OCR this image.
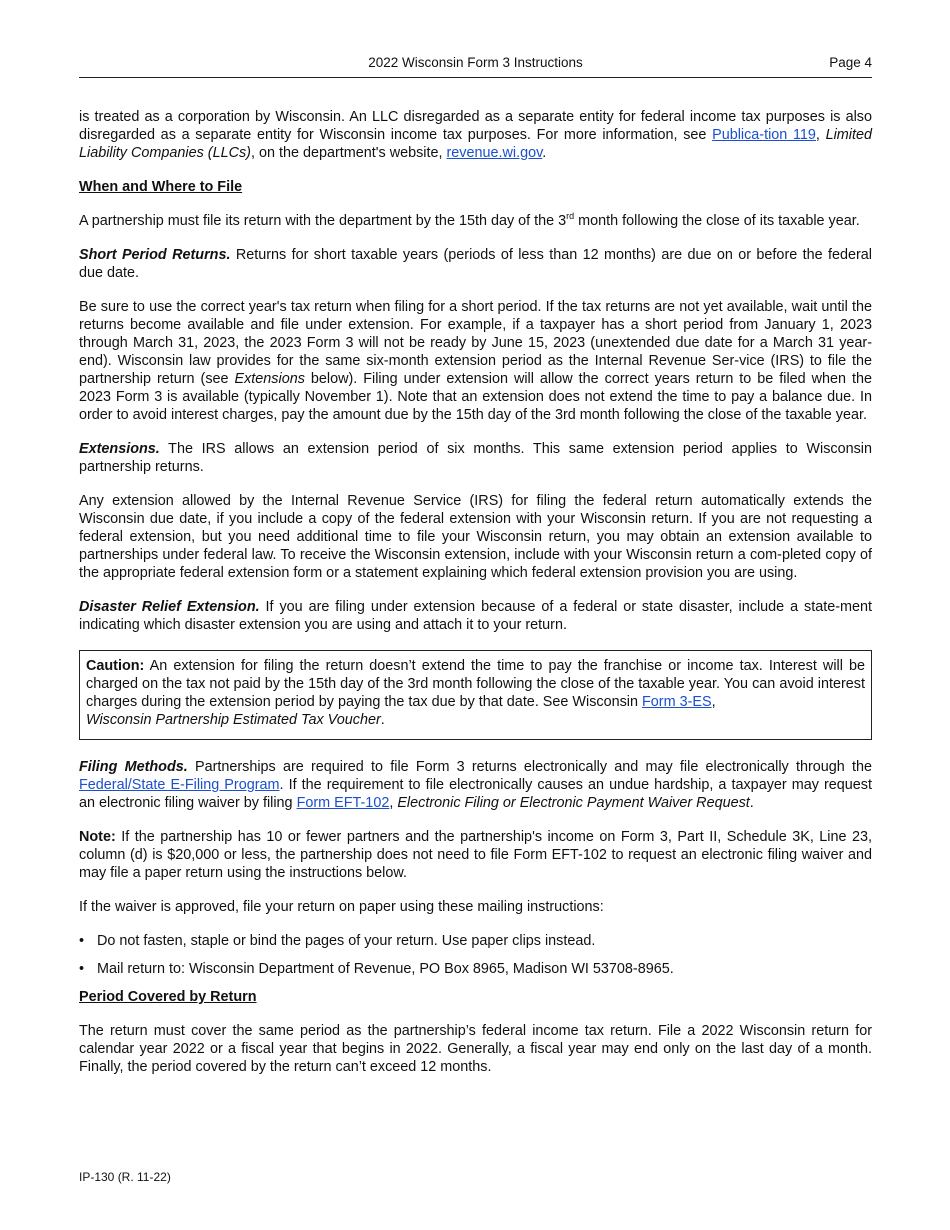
2022 Wisconsin Form 3 Instructions	Page 4

is treated as a corporation by Wisconsin. An LLC disregarded as a separate entity for federal income tax purposes is also disregarded as a separate entity for Wisconsin income tax purposes. For more information, see Publica-tion 119, Limited Liability Companies (LLCs), on the department's website, revenue.wi.gov.

When and Where to File

A partnership must file its return with the department by the 15th day of the 3rd month following the close of its taxable year.

Short Period Returns. Returns for short taxable years (periods of less than 12 months) are due on or before the federal due date.

Be sure to use the correct year's tax return when filing for a short period. If the tax returns are not yet available, wait until the returns become available and file under extension. For example, if a taxpayer has a short period from January 1, 2023 through March 31, 2023, the 2023 Form 3 will not be ready by June 15, 2023 (unextended due date for a March 31 year-end). Wisconsin law provides for the same six-month extension period as the Internal Revenue Ser-vice (IRS) to file the partnership return (see Extensions below). Filing under extension will allow the correct years return to be filed when the 2023 Form 3 is available (typically November 1). Note that an extension does not extend the time to pay a balance due. In order to avoid interest charges, pay the amount due by the 15th day of the 3rd month following the close of the taxable year.

Extensions. The IRS allows an extension period of six months. This same extension period applies to Wisconsin partnership returns.

Any extension allowed by the Internal Revenue Service (IRS) for filing the federal return automatically extends the Wisconsin due date, if you include a copy of the federal extension with your Wisconsin return. If you are not requesting a federal extension, but you need additional time to file your Wisconsin return, you may obtain an extension available to partnerships under federal law. To receive the Wisconsin extension, include with your Wisconsin return a com-pleted copy of the appropriate federal extension form or a statement explaining which federal extension provision you are using.

Disaster Relief Extension. If you are filing under extension because of a federal or state disaster, include a state-ment indicating which disaster extension you are using and attach it to your return.

Caution: An extension for filing the return doesn’t extend the time to pay the franchise or income tax. Interest will be charged on the tax not paid by the 15th day of the 3rd month following the close of the taxable year. You can avoid interest charges during the extension period by paying the tax due by that date. See Wisconsin Form 3-ES,
Wisconsin Partnership Estimated Tax Voucher.

Filing Methods. Partnerships are required to file Form 3 returns electronically and may file electronically through the Federal/State E-Filing Program. If the requirement to file electronically causes an undue hardship, a taxpayer may request an electronic filing waiver by filing Form EFT-102, Electronic Filing or Electronic Payment Waiver Request.

Note: If the partnership has 10 or fewer partners and the partnership's income on Form 3, Part II, Schedule 3K, Line 23, column (d) is $20,000 or less, the partnership does not need to file Form EFT-102 to request an electronic filing waiver and may file a paper return using the instructions below.

If the waiver is approved, file your return on paper using these mailing instructions:

• Do not fasten, staple or bind the pages of your return. Use paper clips instead.
• Mail return to: Wisconsin Department of Revenue, PO Box 8965, Madison WI 53708-8965.
Period Covered by Return

The return must cover the same period as the partnership’s federal income tax return. File a 2022 Wisconsin return for calendar year 2022 or a fiscal year that begins in 2022. Generally, a fiscal year may end only on the last day of a month. Finally, the period covered by the return can’t exceed 12 months.

IP-130 (R. 11-22)
